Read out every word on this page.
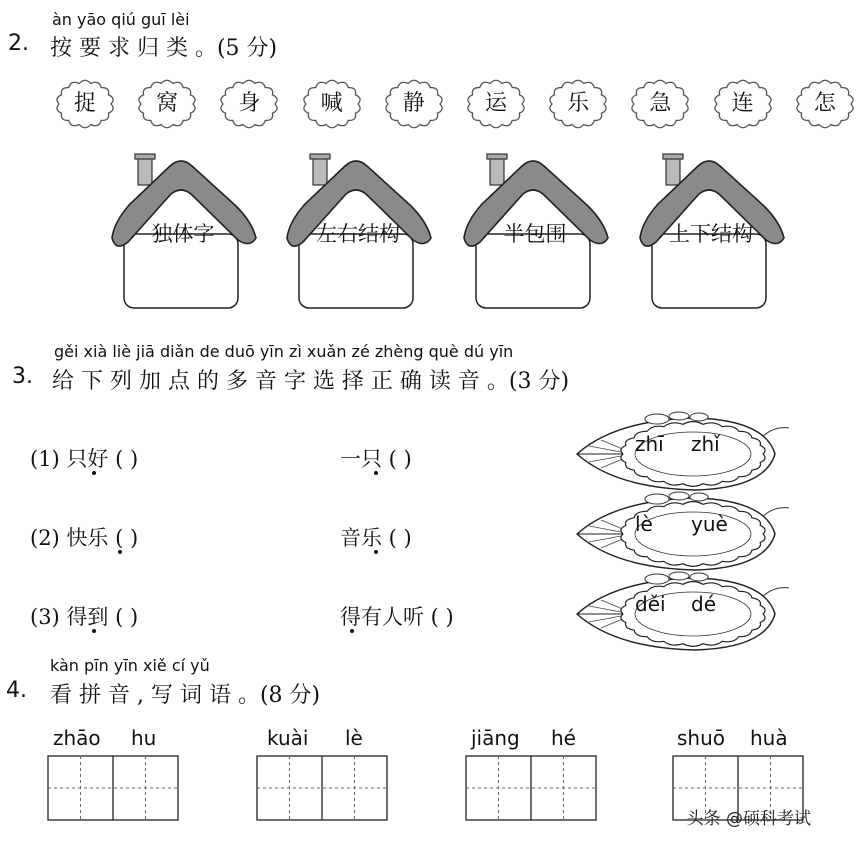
àn yāo qiú guī lèi
2. 按 要 求 归 类 。(5 分)
捉	窝	身	喊	静	运	乐	急	连	怎
独体字	左右结构	半包围	上下结构
gěi xià liè jiā diǎn de duō yīn zì xuǎn zé zhèng què dú yīn
3. 给 下 列 加 点 的 多 音 字 选 择 正 确 读 音 。(3 分)
(1) 只好 ( )	一只 ( )
(2) 快乐 ( )	音乐 ( )
(3) 得到 ( )	得有人听 ( )
zhī zhǐ
lè yuè
děi dé
kàn pīn yīn xiě cí yǔ
4. 看 拼 音 , 写 词 语 。(8 分)
zhāo hu	kuài lè	jiāng hé	shuō huà
头条 @硕科考试
